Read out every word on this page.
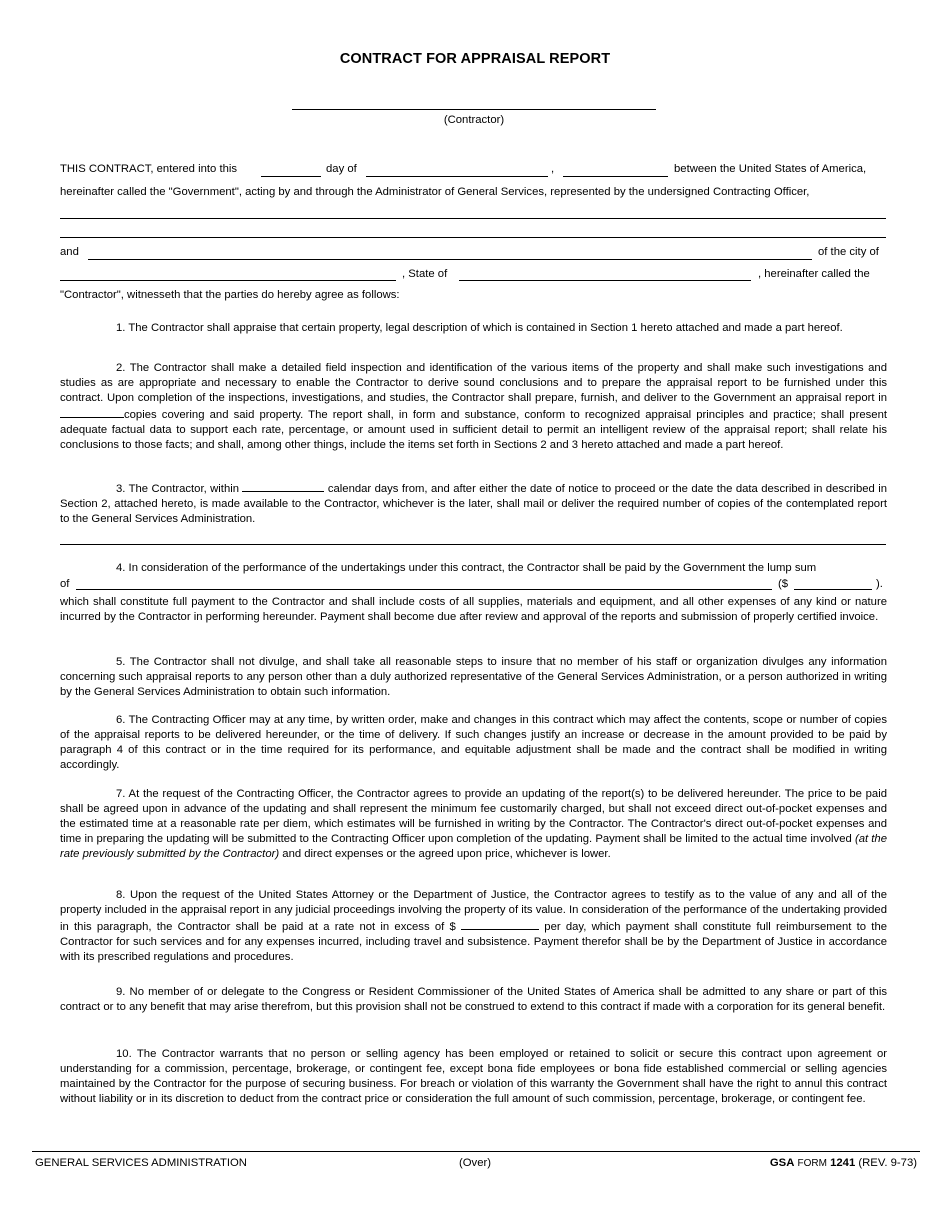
CONTRACT FOR APPRAISAL REPORT
(Contractor)
THIS CONTRACT, entered into this	day of	,	between the United States of America,
hereinafter called the "Government", acting by and through the Administrator of General Services, represented by the undersigned Contracting Officer,
and	of the city of
, State of	, hereinafter called the
"Contractor", witnesseth that the parties do hereby agree as follows:
1. The Contractor shall appraise that certain property, legal description of which is contained in Section 1 hereto attached and made a part hereof.
2. The Contractor shall make a detailed field inspection and identification of the various items of the property and shall make such investigations and studies as are appropriate and necessary to enable the Contractor to derive sound conclusions and to prepare the appraisal report to be furnished under this contract. Upon completion of the inspections, investigations, and studies, the Contractor shall prepare, furnish, and deliver to the Government an appraisal report incopies covering and said property. The report shall, in form and substance, conform to recognized appraisal principles and practice; shall present adequate factual data to support each rate, percentage, or amount used in sufficient detail to permit an intelligent review of the appraisal report; shall relate his conclusions to those facts; and shall, among other things, include the items set forth in Sections 2 and 3 hereto attached and made a part hereof.
3. The Contractor, within	calendar days from, and after either the date of notice to proceed or the date the data described in described in Section 2, attached hereto, is made available to the Contractor, whichever is the later, shall mail or deliver the required number of copies of the contemplated report to the General Services Administration.
4. In consideration of the performance of the undertakings under this contract, the Contractor shall be paid by the Government the lump sum
of	($	).
which shall constitute full payment to the Contractor and shall include costs of all supplies, materials and equipment, and all other expenses of any kind or nature incurred by the Contractor in performing hereunder. Payment shall become due after review and approval of the reports and submission of properly certified invoice.
5. The Contractor shall not divulge, and shall take all reasonable steps to insure that no member of his staff or organization divulges any information concerning such appraisal reports to any person other than a duly authorized representative of the General Services Administration, or a person authorized in writing by the General Services Administration to obtain such information.
6. The Contracting Officer may at any time, by written order, make and changes in this contract which may affect the contents, scope or number of copies of the appraisal reports to be delivered hereunder, or the time of delivery. If such changes justify an increase or decrease in the amount provided to be paid by paragraph 4 of this contract or in the time required for its performance, and equitable adjustment shall be made and the contract shall be modified in writing accordingly.
7. At the request of the Contracting Officer, the Contractor agrees to provide an updating of the report(s) to be delivered hereunder. The price to be paid shall be agreed upon in advance of the updating and shall represent the minimum fee customarily charged, but shall not exceed direct out-of-pocket expenses and the estimated time at a reasonable rate per diem, which estimates will be furnished in writing by the Contractor. The Contractor's direct out-of-pocket expenses and time in preparing the updating will be submitted to the Contracting Officer upon completion of the updating. Payment shall be limited to the actual time involved (at the rate previously submitted by the Contractor) and direct expenses or the agreed upon price, whichever is lower.
8. Upon the request of the United States Attorney or the Department of Justice, the Contractor agrees to testify as to the value of any and all of the property included in the appraisal report in any judicial proceedings involving the property of its value. In consideration of the performance of the undertaking provided in this paragraph, the Contractor shall be paid at a rate not in excess of $	per day, which payment shall constitute full reimbursement to the Contractor for such services and for any expenses incurred, including travel and subsistence. Payment therefor shall be by the Department of Justice in accordance with its prescribed regulations and procedures.
9. No member of or delegate to the Congress or Resident Commissioner of the United States of America shall be admitted to any share or part of this contract or to any benefit that may arise therefrom, but this provision shall not be construed to extend to this contract if made with a corporation for its general benefit.
10. The Contractor warrants that no person or selling agency has been employed or retained to solicit or secure this contract upon agreement or understanding for a commission, percentage, brokerage, or contingent fee, except bona fide employees or bona fide established commercial or selling agencies maintained by the Contractor for the purpose of securing business. For breach or violation of this warranty the Government shall have the right to annul this contract without liability or in its discretion to deduct from the contract price or consideration the full amount of such commission, percentage, brokerage, or contingent fee.
GENERAL SERVICES ADMINISTRATION	(Over)	GSA FORM 1241 (REV. 9-73)
